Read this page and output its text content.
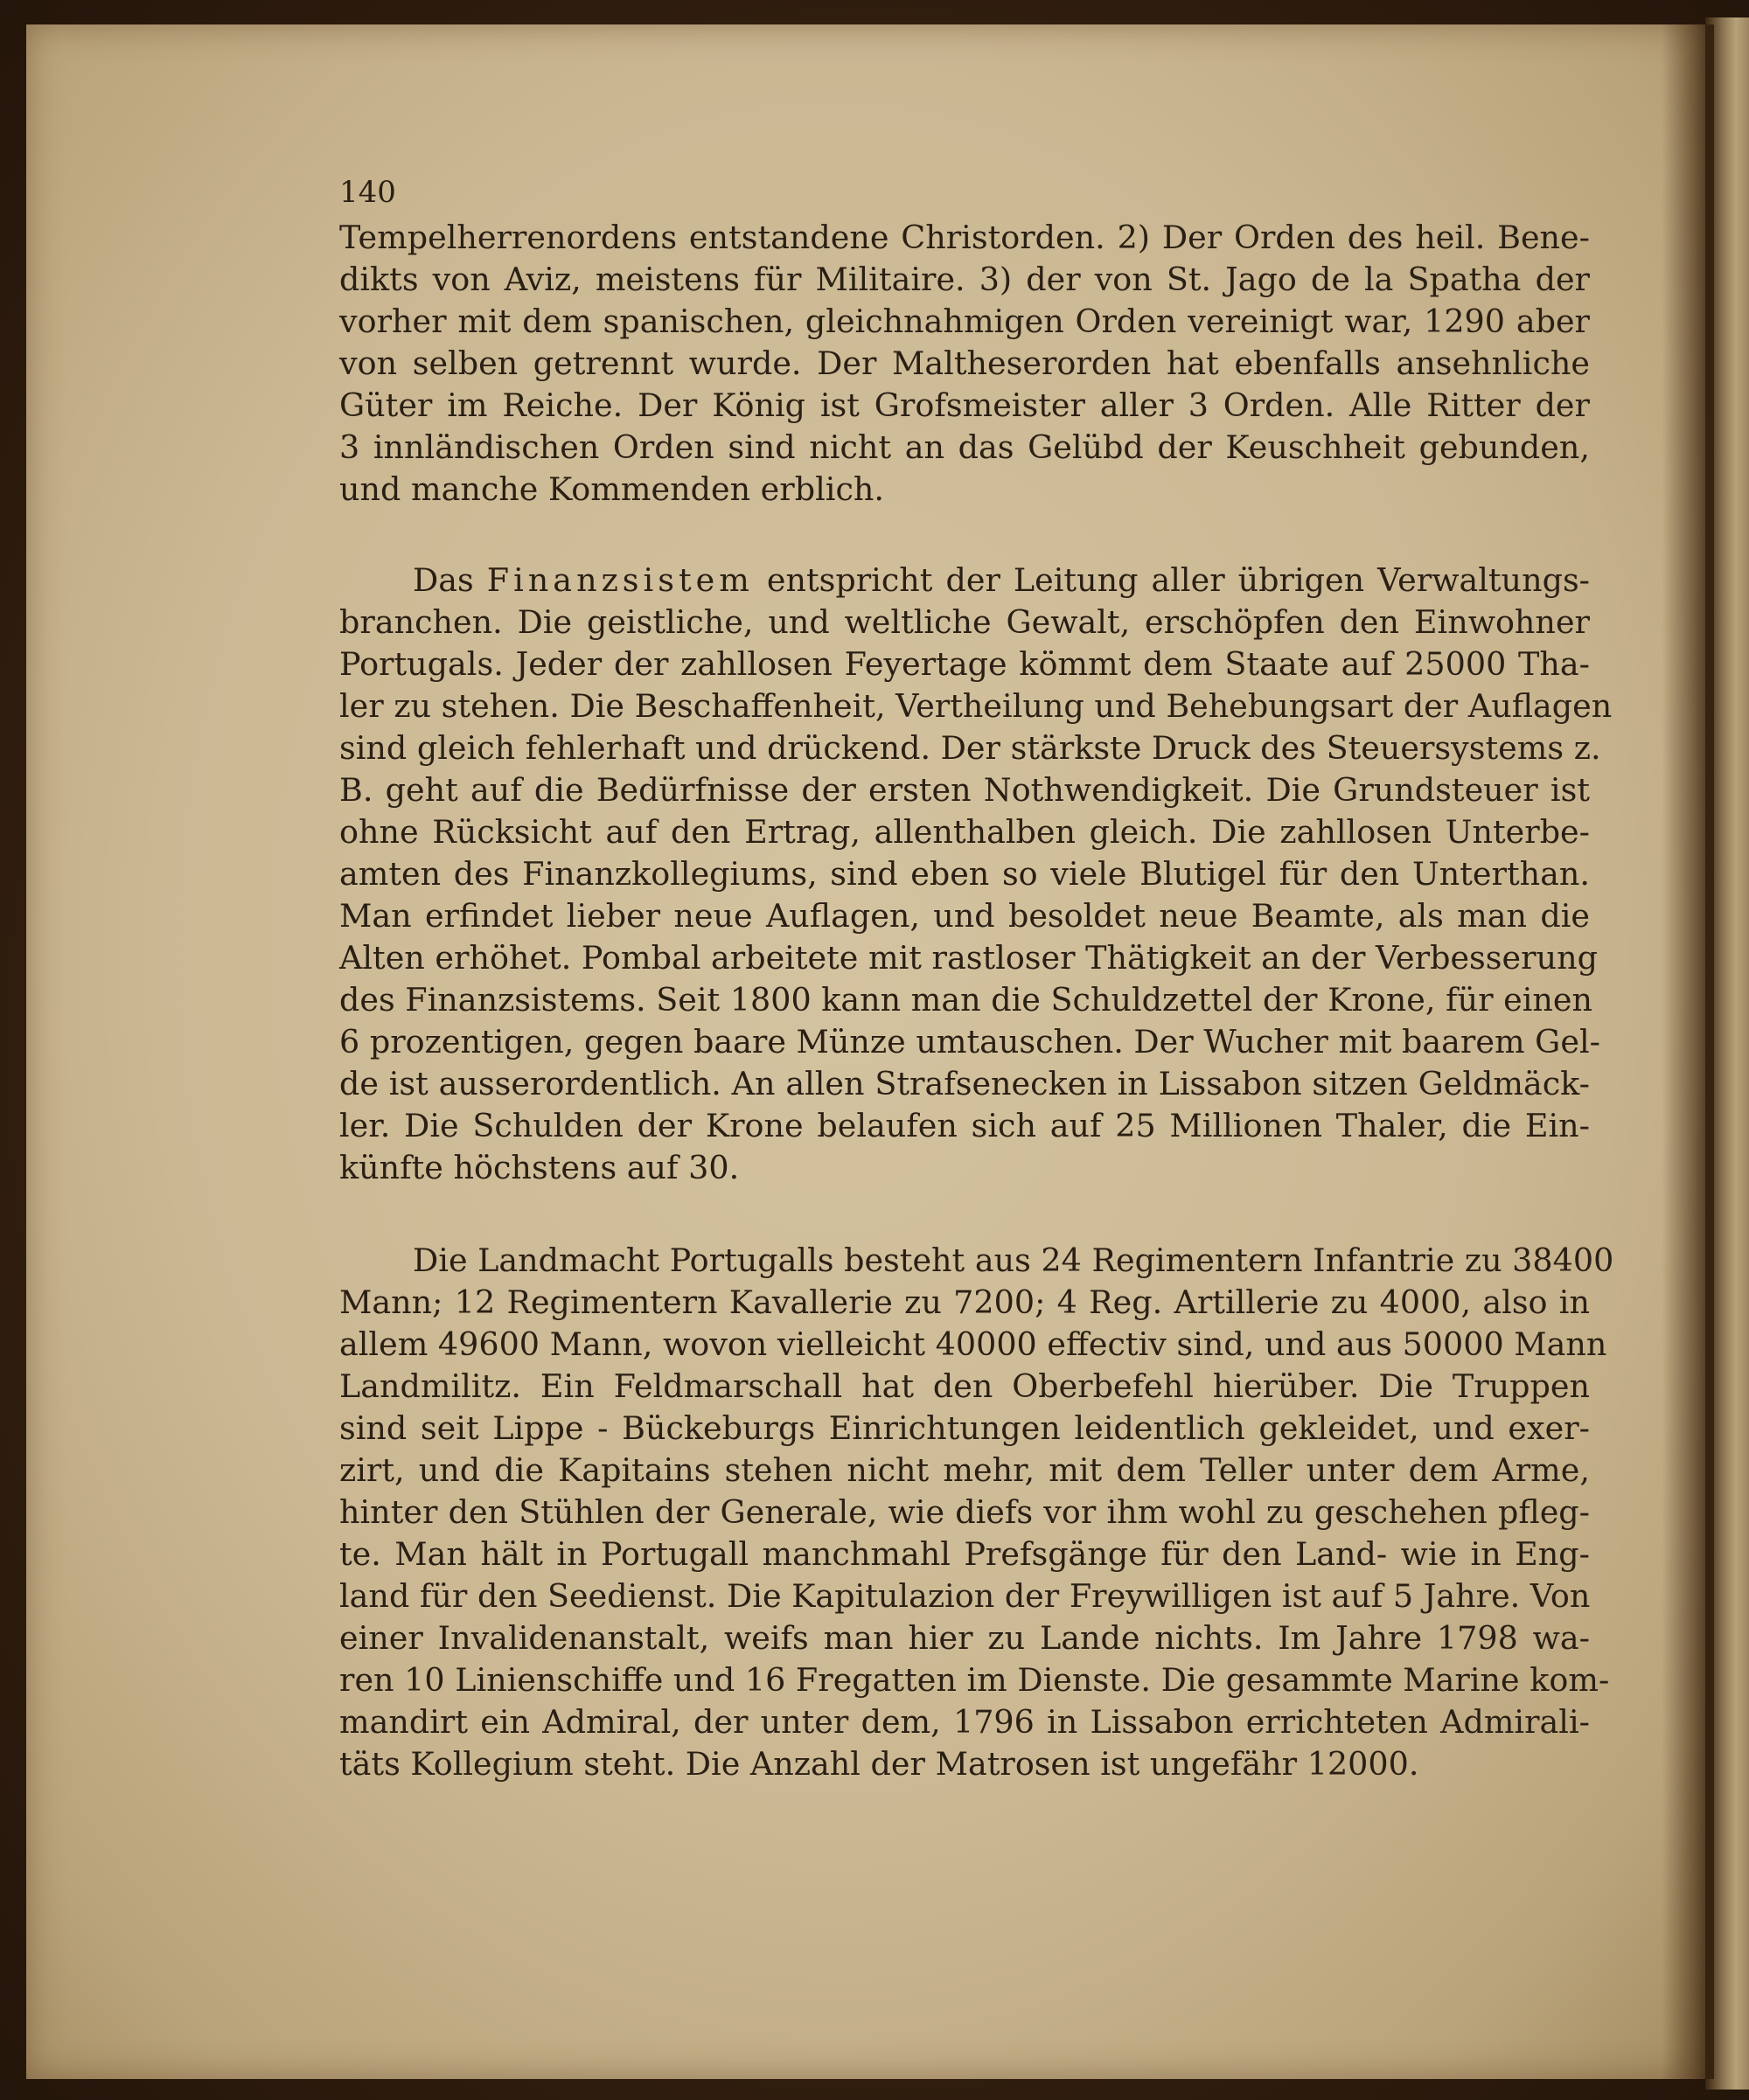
140
Tempelherrenordens entstandene Christorden. 2) Der Orden des heil. Bene-
dikts von Aviz, meistens für Militaire. 3) der von St. Jago de la Spatha der
vorher mit dem spanischen, gleichnahmigen Orden vereinigt war, 1290 aber
von selben getrennt wurde. Der Maltheserorden hat ebenfalls ansehnliche
Güter im Reiche. Der König ist Grofsmeister aller 3 Orden. Alle Ritter der
3 innländischen Orden sind nicht an das Gelübd der Keuschheit gebunden,
und manche Kommenden erblich.
Das Finanzsistem entspricht der Leitung aller übrigen Verwaltungs-
branchen. Die geistliche, und weltliche Gewalt, erschöpfen den Einwohner
Portugals. Jeder der zahllosen Feyertage kömmt dem Staate auf 25000 Tha-
ler zu stehen. Die Beschaffenheit, Vertheilung und Behebungsart der Auflagen
sind gleich fehlerhaft und drückend. Der stärkste Druck des Steuersystems z.
B. geht auf die Bedürfnisse der ersten Nothwendigkeit. Die Grundsteuer ist
ohne Rücksicht auf den Ertrag, allenthalben gleich. Die zahllosen Unterbe-
amten des Finanzkollegiums, sind eben so viele Blutigel für den Unterthan.
Man erfindet lieber neue Auflagen, und besoldet neue Beamte, als man die
Alten erhöhet. Pombal arbeitete mit rastloser Thätigkeit an der Verbesserung
des Finanzsistems. Seit 1800 kann man die Schuldzettel der Krone, für einen
6 prozentigen, gegen baare Münze umtauschen. Der Wucher mit baarem Gel-
de ist ausserordentlich. An allen Strafsenecken in Lissabon sitzen Geldmäck-
ler. Die Schulden der Krone belaufen sich auf 25 Millionen Thaler, die Ein-
künfte höchstens auf 30.
Die Landmacht Portugalls besteht aus 24 Regimentern Infantrie zu 38400
Mann; 12 Regimentern Kavallerie zu 7200; 4 Reg. Artillerie zu 4000, also in
allem 49600 Mann, wovon vielleicht 40000 effectiv sind, und aus 50000 Mann
Landmilitz. Ein Feldmarschall hat den Oberbefehl hierüber. Die Truppen
sind seit Lippe - Bückeburgs Einrichtungen leidentlich gekleidet, und exer-
zirt, und die Kapitains stehen nicht mehr, mit dem Teller unter dem Arme,
hinter den Stühlen der Generale, wie diefs vor ihm wohl zu geschehen pfleg-
te. Man hält in Portugall manchmahl Prefsgänge für den Land- wie in Eng-
land für den Seedienst. Die Kapitulazion der Freywilligen ist auf 5 Jahre. Von
einer Invalidenanstalt, weifs man hier zu Lande nichts. Im Jahre 1798 wa-
ren 10 Linienschiffe und 16 Fregatten im Dienste. Die gesammte Marine kom-
mandirt ein Admiral, der unter dem, 1796 in Lissabon errichteten Admirali-
täts Kollegium steht. Die Anzahl der Matrosen ist ungefähr 12000.
